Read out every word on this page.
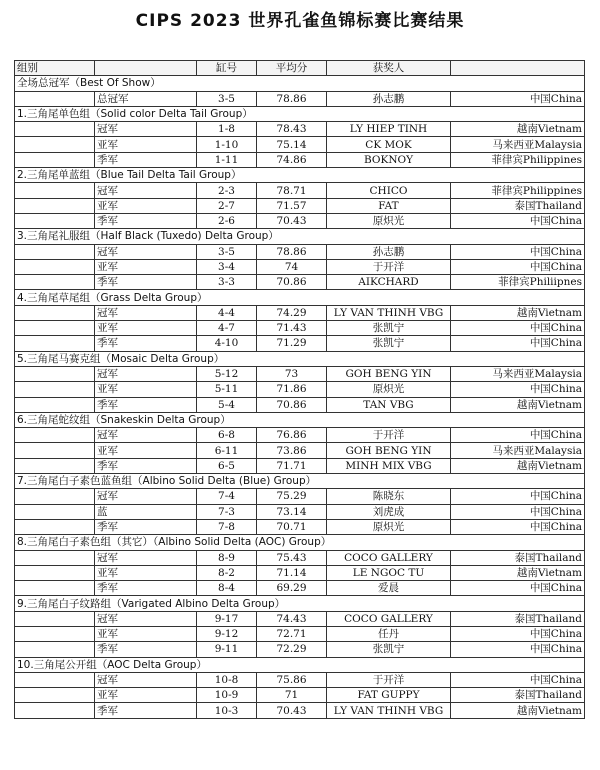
CIPS 2023 世界孔雀鱼锦标赛比赛结果
组别		缸号	平均分	获奖人	
全场总冠军（Best Of Show）					
	总冠军	3-5	78.86	孙志鹏	中国China
1.三角尾单色组（Solid color Delta Tail Group）					
	冠军	1-8	78.43	LY HIEP TINH	越南Vietnam
	亚军	1-10	75.14	CK MOK	马来西亚Malaysia
	季军	1-11	74.86	BOKNOY	菲律宾Philippines
2.三角尾单蓝组（Blue Tail Delta Tail Group）					
	冠军	2-3	78.71	CHICO	菲律宾Philippines
	亚军	2-7	71.57	FAT	泰国Thailand
	季军	2-6	70.43	原炽光	中国China
3.三角尾礼服组（Half Black (Tuxedo) Delta Group）					
	冠军	3-5	78.86	孙志鹏	中国China
	亚军	3-4	74	于开洋	中国China
	季军	3-3	70.86	AIKCHARD	菲律宾Philiipnes
4.三角尾草尾组（Grass Delta Group）					
	冠军	4-4	74.29	LY VAN THINH VBG	越南Vietnam
	亚军	4-7	71.43	张凯宁	中国China
	季军	4-10	71.29	张凯宁	中国China
5.三角尾马赛克组（Mosaic Delta Group）					
	冠军	5-12	73	GOH BENG YIN	马来西亚Malaysia
	亚军	5-11	71.86	原炽光	中国China
	季军	5-4	70.86	TAN VBG	越南Vietnam
6.三角尾蛇纹组（Snakeskin Delta Group）					
	冠军	6-8	76.86	于开洋	中国China
	亚军	6-11	73.86	GOH BENG YIN	马来西亚Malaysia
	季军	6-5	71.71	MINH MIX VBG	越南Vietnam
7.三角尾白子素色蓝鱼组（Albino Solid Delta (Blue) Group）					
	冠军	7-4	75.29	陈晓东	中国China
	蓝	7-3	73.14	刘虎成	中国China
	季军	7-8	70.71	原炽光	中国China
8.三角尾白子素色组（其它）（Albino Solid Delta (AOC) Group）					
	冠军	8-9	75.43	COCO GALLERY	泰国Thailand
	亚军	8-2	71.14	LE NGOC TU	越南Vietnam
	季军	8-4	69.29	爱晨	中国China
9.三角尾白子纹路组（Varigated Albino Delta Group）					
	冠军	9-17	74.43	COCO GALLERY	泰国Thailand
	亚军	9-12	72.71	任丹	中国China
	季军	9-11	72.29	张凯宁	中国China
10.三角尾公开组（AOC Delta Group）					
	冠军	10-8	75.86	于开洋	中国China
	亚军	10-9	71	FAT GUPPY	泰国Thailand
	季军	10-3	70.43	LY VAN THINH VBG	越南Vietnam
